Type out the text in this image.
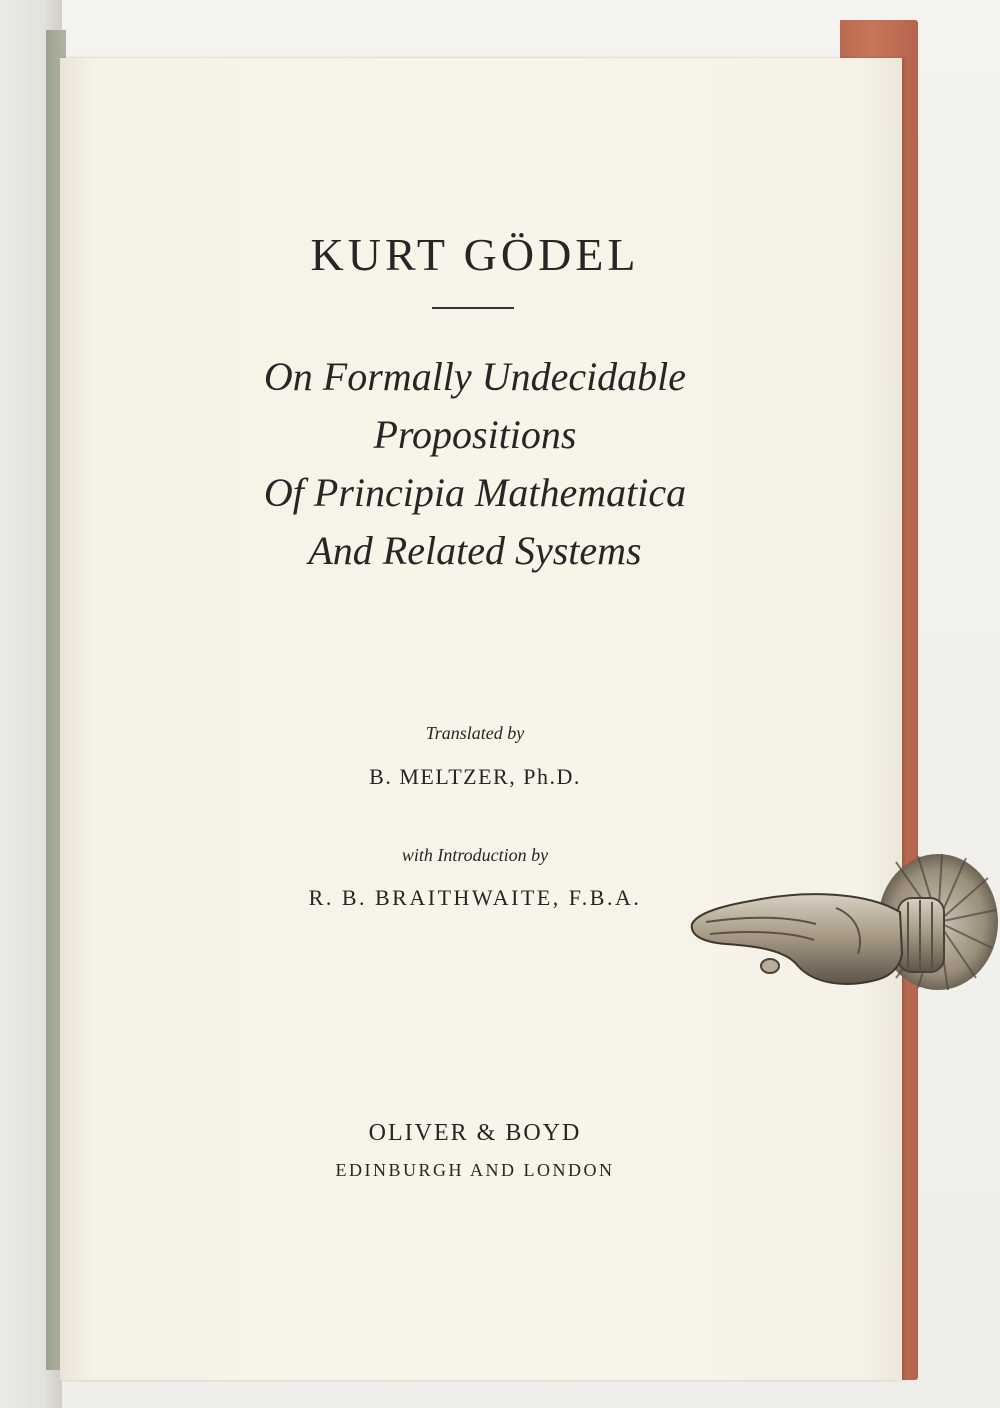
KURT GÖDEL
On Formally Undecidable
Propositions
Of Principia Mathematica
And Related Systems
Translated by
B. MELTZER, Ph.D.
with Introduction by
R. B. BRAITHWAITE, F.B.A.
OLIVER & BOYD
EDINBURGH AND LONDON
